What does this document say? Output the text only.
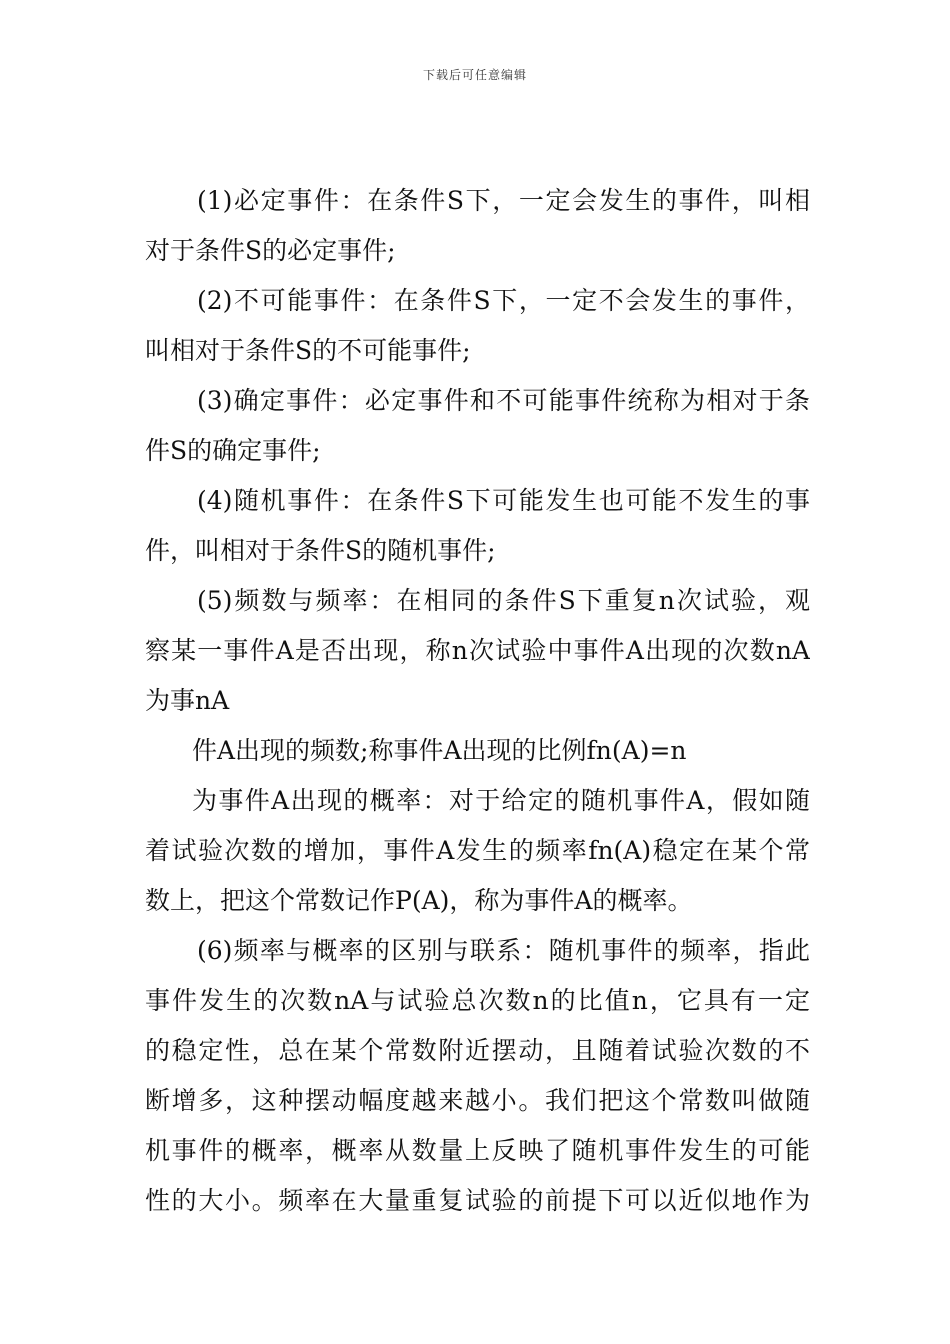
下载后可任意编辑
(1)必定事件：在条件S下，一定会发生的事件，叫相
对于条件S的必定事件;
(2)不可能事件：在条件S下，一定不会发生的事件，
叫相对于条件S的不可能事件;
(3)确定事件：必定事件和不可能事件统称为相对于条
件S的确定事件;
(4)随机事件：在条件S下可能发生也可能不发生的事
件，叫相对于条件S的随机事件;
(5)频数与频率：在相同的条件S下重复n次试验，观
察某一事件A是否出现，称n次试验中事件A出现的次数nA
为事nA
件A出现的频数;称事件A出现的比例fn(A)=n
为事件A出现的概率：对于给定的随机事件A，假如随
着试验次数的增加，事件A发生的频率fn(A)稳定在某个常
数上，把这个常数记作P(A)，称为事件A的概率。
(6)频率与概率的区别与联系：随机事件的频率，指此
事件发生的次数nA与试验总次数n的比值n，它具有一定
的稳定性，总在某个常数附近摆动，且随着试验次数的不
断增多，这种摆动幅度越来越小。我们把这个常数叫做随
机事件的概率，概率从数量上反映了随机事件发生的可能
性的大小。频率在大量重复试验的前提下可以近似地作为
